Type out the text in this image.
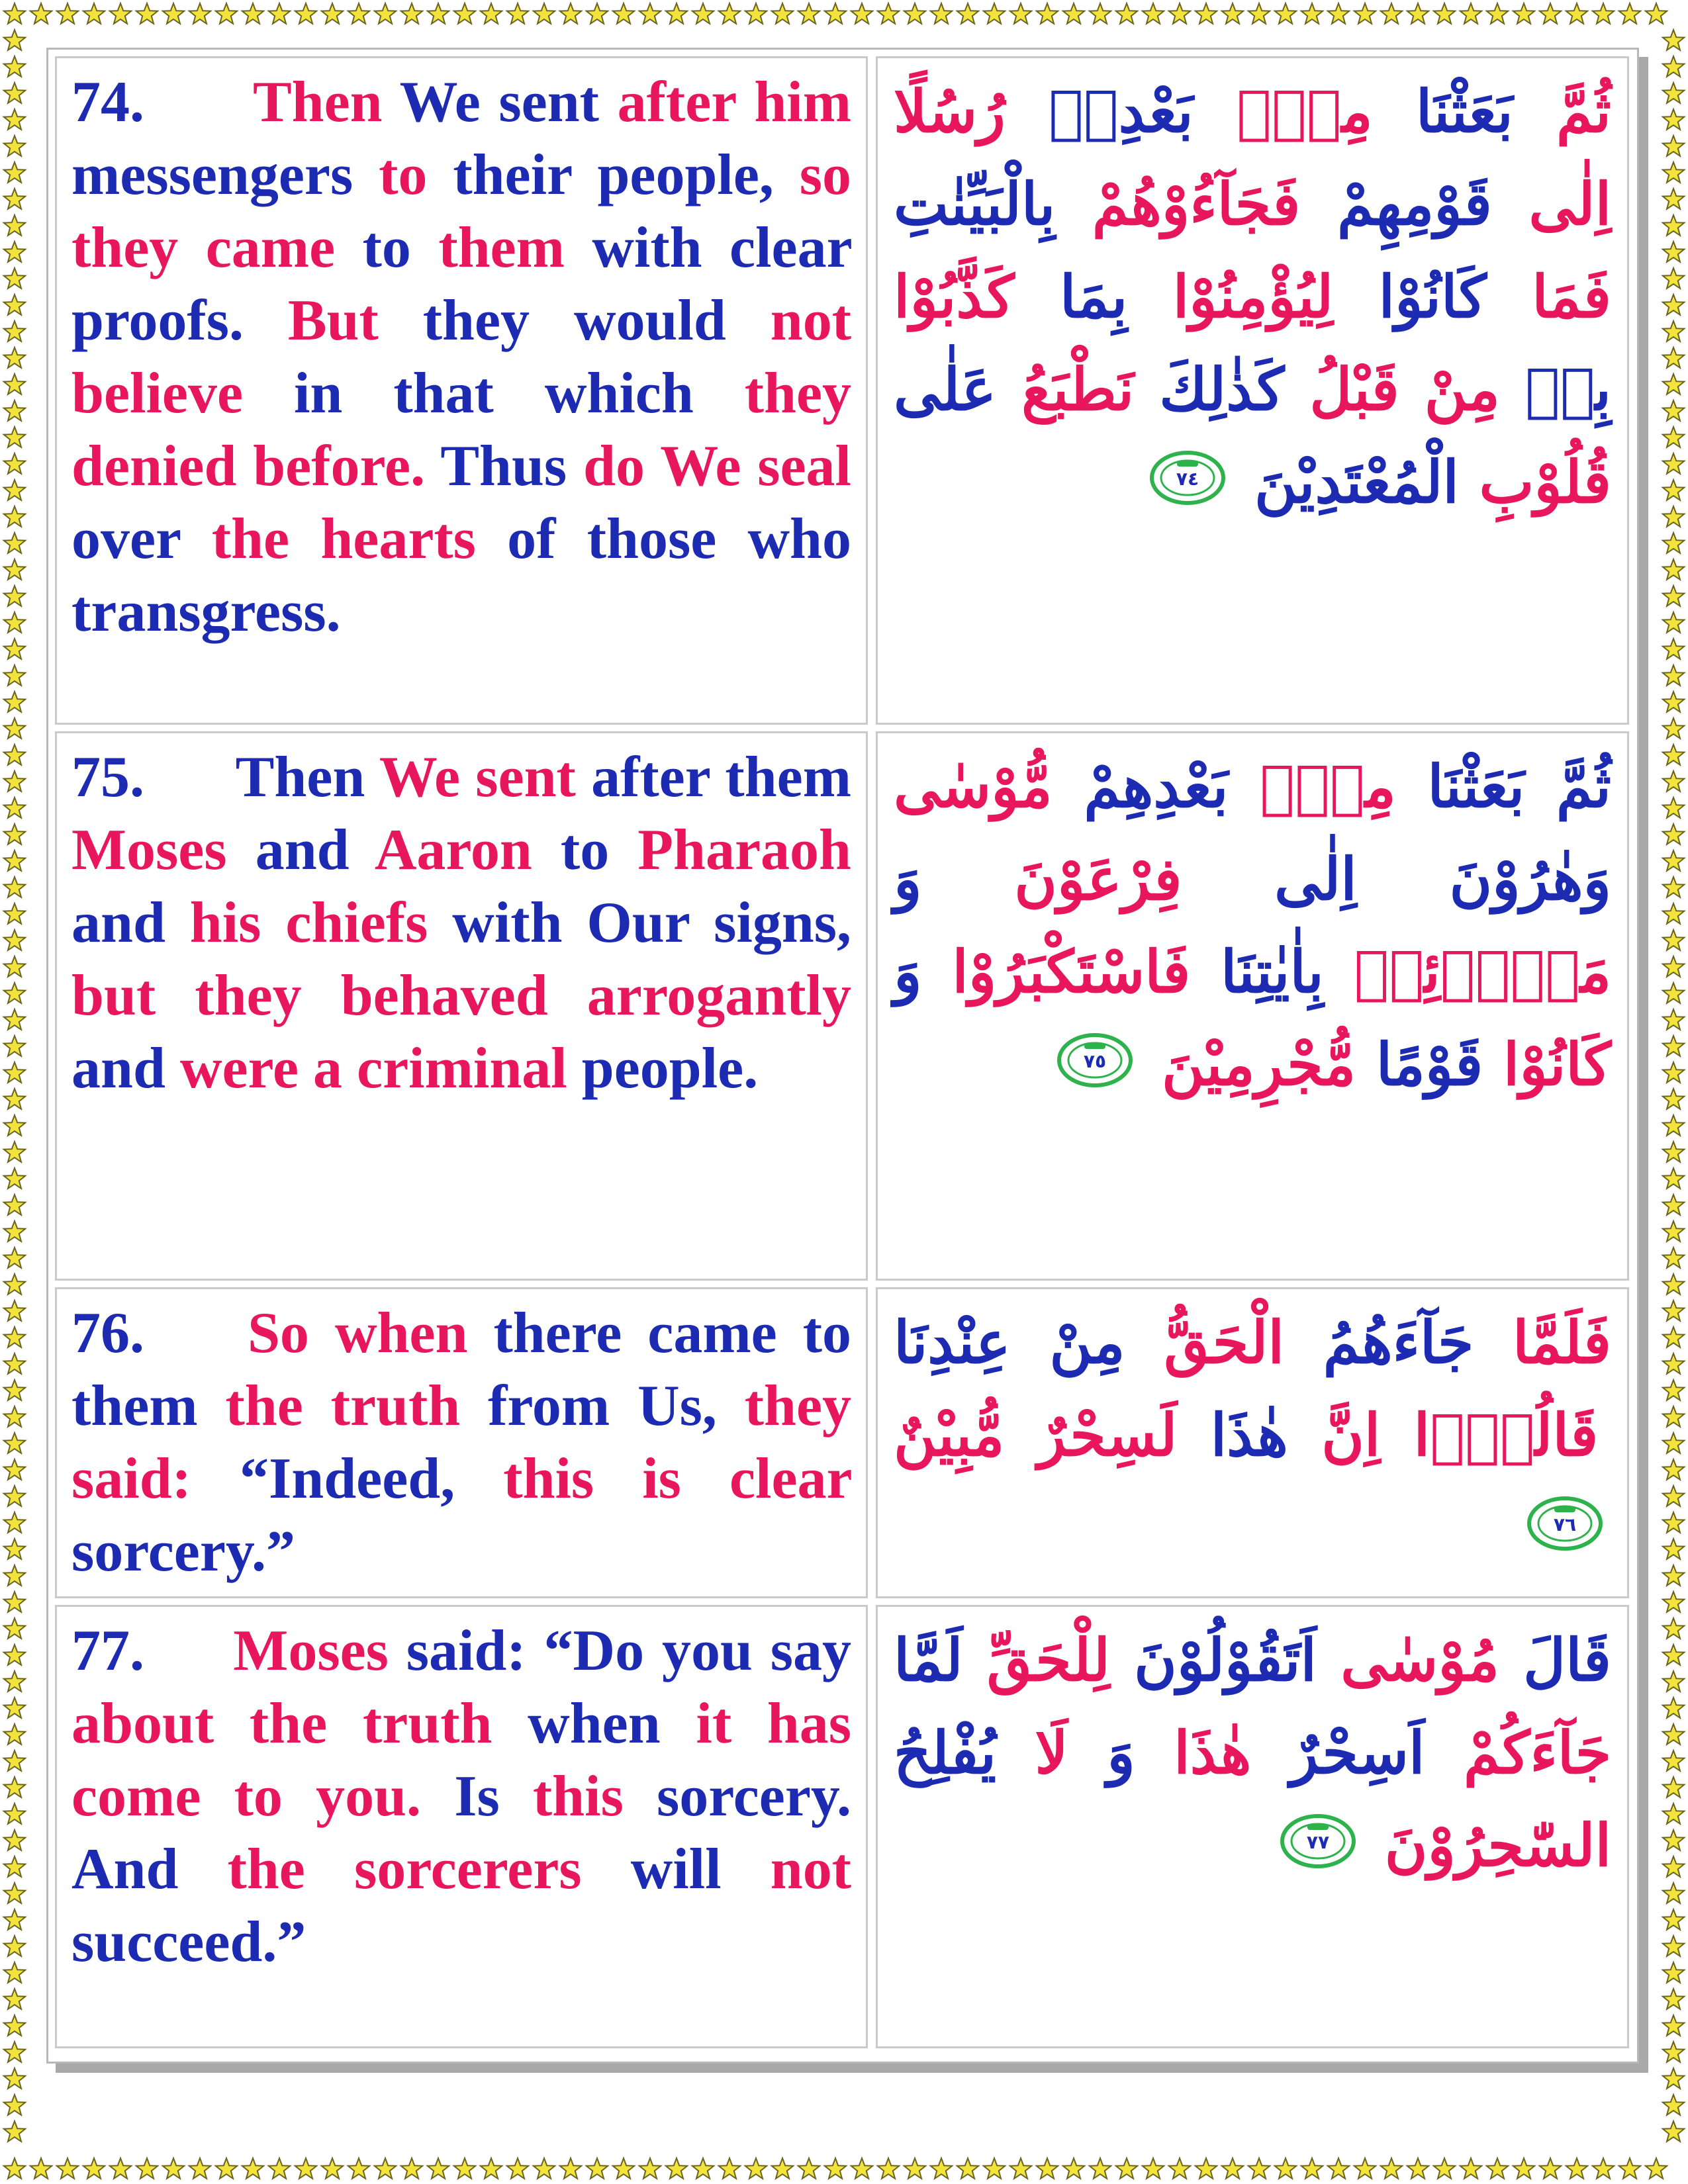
74. Then We sent after him messengers to their people, so they came to them with clear proofs. But they would not believe in that which they denied before. Thus do We seal over the hearts of those who transgress.
ثُمَّ بَعَثْنَا مِنْۢ بَعْدِهٖ رُسُلًا اِلٰى قَوْمِهِمْ فَجَآءُوْهُمْ بِالْبَيِّنٰتِ فَمَا كَانُوْا لِيُؤْمِنُوْا بِمَا كَذَّبُوْا بِهٖ مِنْ قَبْلُ كَذٰلِكَ نَطْبَعُ عَلٰى قُلُوْبِ الْمُعْتَدِيْنَ
٧٤
75. Then We sent after them Moses and Aaron to Pharaoh and his chiefs with Our signs, but they behaved arrogantly and were a criminal people.
ثُمَّ بَعَثْنَا مِنْۢ بَعْدِهِمْ مُّوْسٰى وَهٰرُوْنَ اِلٰى فِرْعَوْنَ وَ مَلَا۟ئِهٖ بِاٰيٰتِنَا فَاسْتَكْبَرُوْا وَ كَانُوْا قَوْمًا مُّجْرِمِيْنَ
٧٥
76. So when there came to them the truth from Us, they said: “Indeed, this is clear sorcery.”
فَلَمَّا جَآءَهُمُ الْحَقُّ مِنْ عِنْدِنَا قَالُوْۤا اِنَّ هٰذَا لَسِحْرٌ مُّبِيْنٌ
٧٦
77. Moses said: “Do you say about the truth when it has come to you. Is this sorcery. And the sorcerers will not succeed.”
قَالَ مُوْسٰى اَتَقُوْلُوْنَ لِلْحَقِّ لَمَّا جَآءَكُمْ اَسِحْرٌ هٰذَا وَ لَا يُفْلِحُ السّٰحِرُوْنَ
٧٧
